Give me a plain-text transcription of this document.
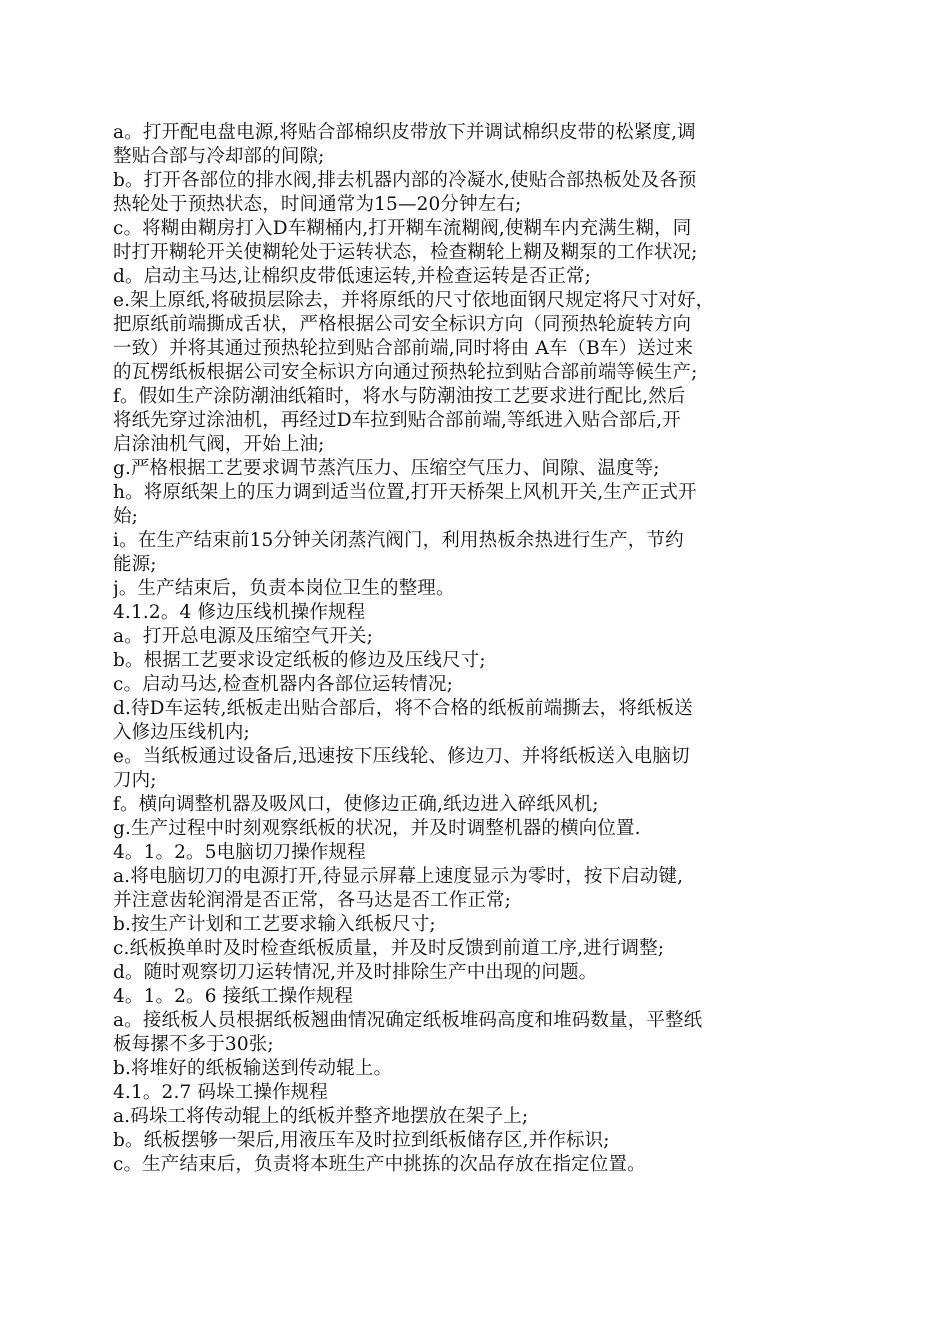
a。打开配电盘电源,将贴合部棉织皮带放下并调试棉织皮带的松紧度,调
整贴合部与冷却部的间隙;
b。打开各部位的排水阀,排去机器内部的冷凝水,使贴合部热板处及各预
热轮处于预热状态，时间通常为15—20分钟左右;
c。将糊由糊房打入D车糊桶内,打开糊车流糊阀,使糊车内充满生糊，同
时打开糊轮开关使糊轮处于运转状态，检查糊轮上糊及糊泵的工作状况;
d。启动主马达,让棉织皮带低速运转,并检查运转是否正常;
e.架上原纸,将破损层除去，并将原纸的尺寸依地面钢尺规定将尺寸对好，
把原纸前端撕成舌状，严格根据公司安全标识方向（同预热轮旋转方向
一致）并将其通过预热轮拉到贴合部前端,同时将由 A车（B车）送过来
的瓦楞纸板根据公司安全标识方向通过预热轮拉到贴合部前端等候生产;
f。假如生产涂防潮油纸箱时，将水与防潮油按工艺要求进行配比,然后
将纸先穿过涂油机，再经过D车拉到贴合部前端,等纸进入贴合部后,开
启涂油机气阀，开始上油;
g.严格根据工艺要求调节蒸汽压力、压缩空气压力、间隙、温度等;
h。将原纸架上的压力调到适当位置,打开天桥架上风机开关,生产正式开
始;
i。在生产结束前15分钟关闭蒸汽阀门，利用热板余热进行生产，节约
能源;
j。生产结束后，负责本岗位卫生的整理。
4.1.2。4 修边压线机操作规程
a。打开总电源及压缩空气开关;
b。根据工艺要求设定纸板的修边及压线尺寸;
c。启动马达,检查机器内各部位运转情况;
d.待D车运转,纸板走出贴合部后，将不合格的纸板前端撕去，将纸板送
入修边压线机内;
e。当纸板通过设备后,迅速按下压线轮、修边刀、并将纸板送入电脑切
刀内;
f。横向调整机器及吸风口，使修边正确,纸边进入碎纸风机;
g.生产过程中时刻观察纸板的状况，并及时调整机器的横向位置.
4。1。2。5电脑切刀操作规程
a.将电脑切刀的电源打开,待显示屏幕上速度显示为零时，按下启动键,
并注意齿轮润滑是否正常，各马达是否工作正常;
b.按生产计划和工艺要求输入纸板尺寸;
c.纸板换单时及时检查纸板质量，并及时反馈到前道工序,进行调整;
d。随时观察切刀运转情况,并及时排除生产中出现的问题。
4。1。2。6 接纸工操作规程
a。接纸板人员根据纸板翘曲情况确定纸板堆码高度和堆码数量，平整纸
板每摞不多于30张;
b.将堆好的纸板输送到传动辊上。
4.1。2.7 码垛工操作规程
a.码垛工将传动辊上的纸板并整齐地摆放在架子上;
b。纸板摆够一架后,用液压车及时拉到纸板储存区,并作标识;
c。生产结束后，负责将本班生产中挑拣的次品存放在指定位置。
